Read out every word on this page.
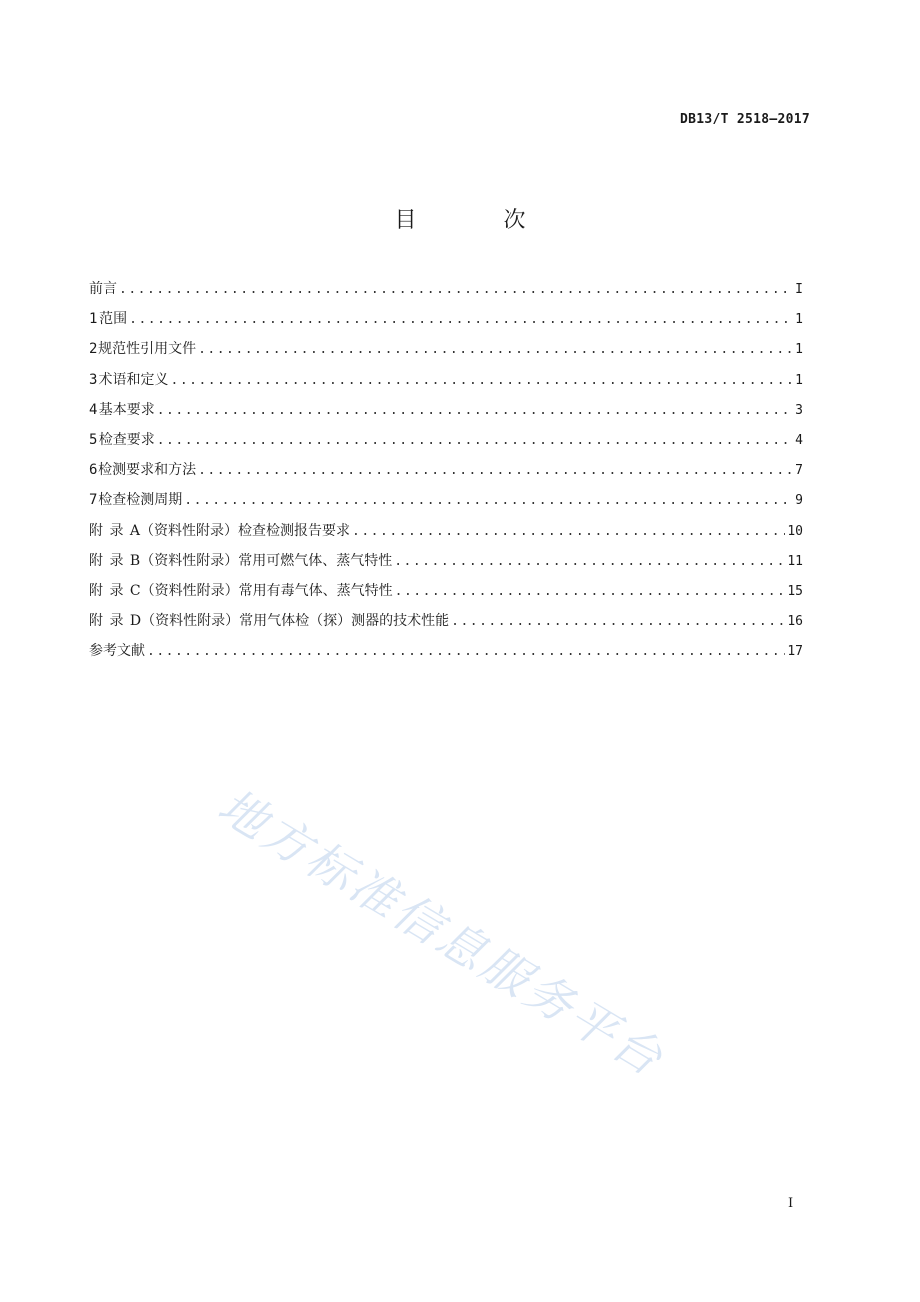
DB13/T 2518—2017
目 次
前言 .....	I
1 范围 .....	1
2 规范性引用文件 .....	1
3 术语和定义 .....	1
4 基本要求 .....	3
5 检查要求 .....	4
6 检测要求和方法 .....	7
7 检查检测周期 .....	9
附 录 A （资料性附录） 检查检测报告要求 .....	10
附 录 B （资料性附录） 常用可燃气体、蒸气特性 .....	11
附 录 C （资料性附录） 常用有毒气体、蒸气特性 .....	15
附 录 D （资料性附录） 常用气体检（探）测器的技术性能 .....	16
参考文献 .....	17
地方标准信息服务平台
I
